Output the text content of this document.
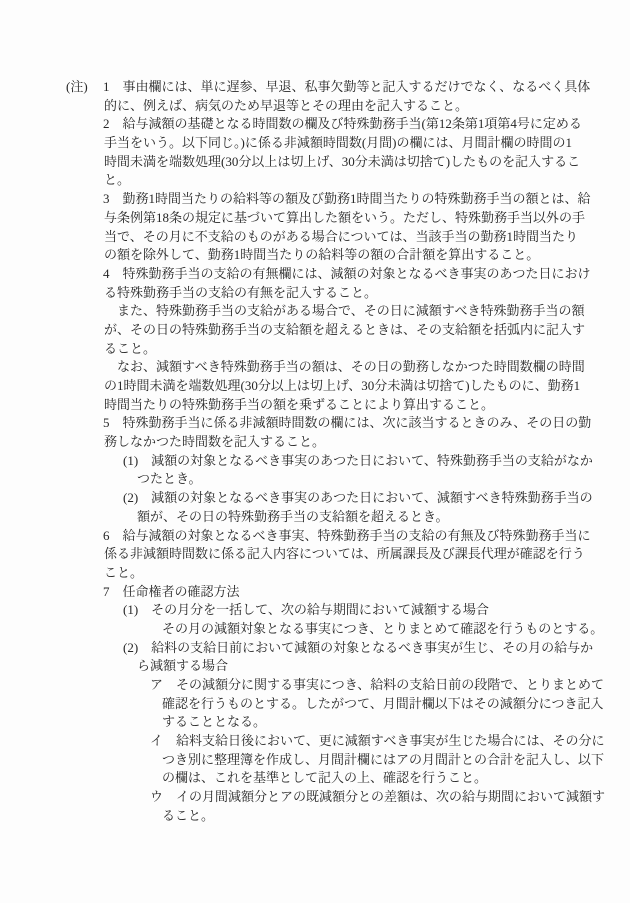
(注) 1　事由欄には、単に遅参、早退、私事欠勤等と記入するだけでなく、なるべく具体
的に、例えば、病気のため早退等とその理由を記入すること。
2　給与減額の基礎となる時間数の欄及び特殊勤務手当(第12条第1項第4号に定める
手当をいう。以下同じ。)に係る非減額時間数(月間)の欄には、月間計欄の時間の1
時間未満を端数処理(30分以上は切上げ、30分未満は切捨て)したものを記入するこ
と。
3　勤務1時間当たりの給料等の額及び勤務1時間当たりの特殊勤務手当の額とは、給
与条例第18条の規定に基づいて算出した額をいう。ただし、特殊勤務手当以外の手
当で、その月に不支給のものがある場合については、当該手当の勤務1時間当たり
の額を除外して、勤務1時間当たりの給料等の額の合計額を算出すること。
4　特殊勤務手当の支給の有無欄には、減額の対象となるべき事実のあつた日におけ
る特殊勤務手当の支給の有無を記入すること。
また、特殊勤務手当の支給がある場合で、その日に減額すべき特殊勤務手当の額
が、その日の特殊勤務手当の支給額を超えるときは、その支給額を括弧内に記入す
ること。
なお、減額すべき特殊勤務手当の額は、その日の勤務しなかつた時間数欄の時間
の1時間未満を端数処理(30分以上は切上げ、30分未満は切捨て)したものに、勤務1
時間当たりの特殊勤務手当の額を乗ずることにより算出すること。
5　特殊勤務手当に係る非減額時間数の欄には、次に該当するときのみ、その日の勤
務しなかつた時間数を記入すること。
(1)　減額の対象となるべき事実のあつた日において、特殊勤務手当の支給がなか
つたとき。
(2)　減額の対象となるべき事実のあつた日において、減額すべき特殊勤務手当の
額が、その日の特殊勤務手当の支給額を超えるとき。
6　給与減額の対象となるべき事実、特殊勤務手当の支給の有無及び特殊勤務手当に
係る非減額時間数に係る記入内容については、所属課長及び課長代理が確認を行う
こと。
7　任命権者の確認方法
(1)　その月分を一括して、次の給与期間において減額する場合
その月の減額対象となる事実につき、とりまとめて確認を行うものとする。
(2)　給料の支給日前において減額の対象となるべき事実が生じ、その月の給与か
ら減額する場合
ア　その減額分に関する事実につき、給料の支給日前の段階で、とりまとめて
確認を行うものとする。したがつて、月間計欄以下はその減額分につき記入
することとなる。
イ　給料支給日後において、更に減額すべき事実が生じた場合には、その分に
つき別に整理簿を作成し、月間計欄にはアの月間計との合計を記入し、以下
の欄は、これを基準として記入の上、確認を行うこと。
ウ　イの月間減額分とアの既減額分との差額は、次の給与期間において減額す
ること。
